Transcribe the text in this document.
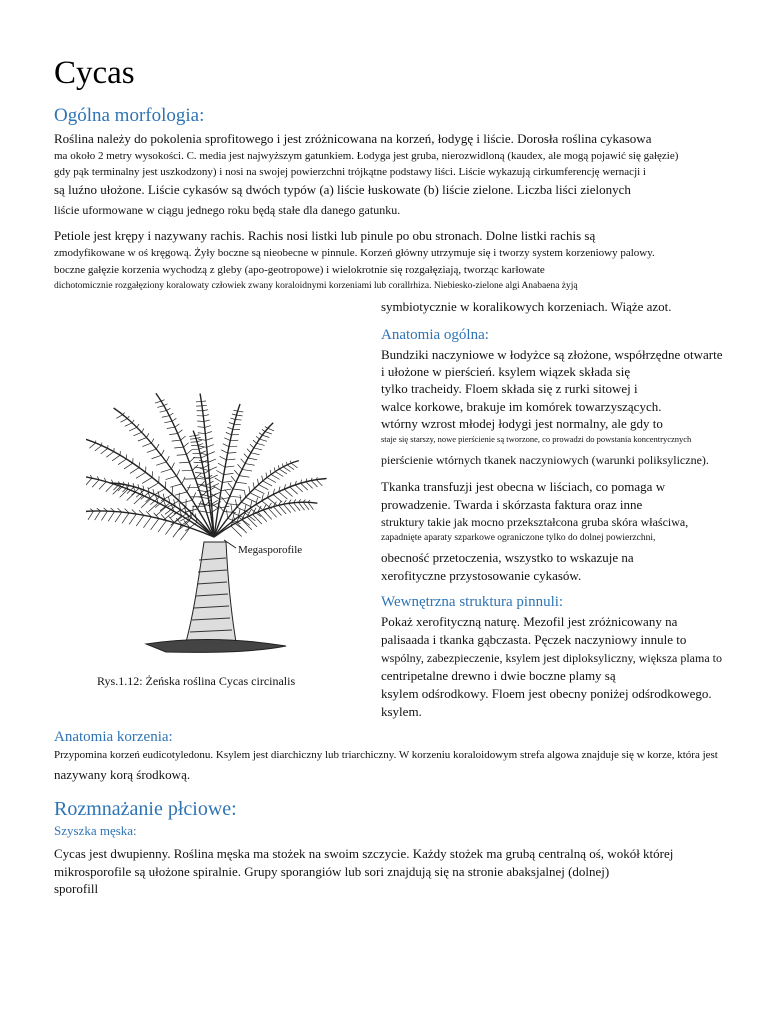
Cycas
Ogólna morfologia:
Roślina należy do pokolenia sprofitowego i jest zróżnicowana na korzeń, łodygę i liście. Dorosła roślina cykasowa
ma około 2 metry wysokości. C. media jest najwyższym gatunkiem. Łodyga jest gruba, nierozwidloną (kaudex, ale mogą pojawić się gałęzie)
gdy pąk terminalny jest uszkodzony) i nosi na swojej powierzchni trójkątne podstawy liści. Liście wykazują cirkumferencję wernacji i
są luźno ułożone. Liście cykasów są dwóch typów (a) liście łuskowate (b) liście zielone. Liczba liści zielonych
liście uformowane w ciągu jednego roku będą stałe dla danego gatunku.
Petiole jest krępy i nazywany rachis. Rachis nosi listki lub pinule po obu stronach. Dolne listki rachis są
zmodyfikowane w oś kręgową. Żyły boczne są nieobecne w pinnule. Korzeń główny utrzymuje się i tworzy system korzeniowy palowy.
boczne gałęzie korzenia wychodzą z gleby (apo-geotropowe) i wielokrotnie się rozgałęziają, tworząc karłowate
dichotomicznie rozgałęziony koralowaty człowiek zwany koraloidnymi korzeniami lub corallrhiza. Niebiesko-zielone algi Anabaena żyją
symbiotycznie w koralikowych korzeniach. Wiąże azot.
Megasporofile
Rys.1.12: Żeńska roślina Cycas circinalis
Anatomia ogólna:
Bundziki naczyniowe w łodyżce są złożone, współrzędne otwarte
i ułożone w pierścień. ksylem wiązek składa się
tylko tracheidy. Floem składa się z rurki sitowej i
walce korkowe, brakuje im komórek towarzyszących.
wtórny wzrost młodej łodygi jest normalny, ale gdy to
staje się starszy, nowe pierścienie są tworzone, co prowadzi do powstania koncentrycznych
pierścienie wtórnych tkanek naczyniowych (warunki poliksyliczne).
Tkanka transfuzji jest obecna w liściach, co pomaga w
prowadzenie. Twarda i skórzasta faktura oraz inne
struktury takie jak mocno przekształcona gruba skóra właściwa,
zapadnięte aparaty szparkowe ograniczone tylko do dolnej powierzchni,
obecność przetoczenia, wszystko to wskazuje na
xerofityczne przystosowanie cykasów.
Wewnętrzna struktura pinnuli:
Pokaż xerofityczną naturę. Mezofil jest zróżnicowany na
palisaada i tkanka gąbczasta. Pęczek naczyniowy innule to
wspólny, zabezpieczenie, ksylem jest diploksyliczny, większa plama to
centripetalne drewno i dwie boczne plamy są
ksylem odśrodkowy. Floem jest obecny poniżej odśrodkowego.
ksylem.
Anatomia korzenia:
Przypomina korzeń eudicotyledonu. Ksylem jest diarchiczny lub triarchiczny. W korzeniu koraloidowym strefa algowa znajduje się w korze, która jest
nazywany korą środkową.
Rozmnażanie płciowe:
Szyszka męska:
Cycas jest dwupienny. Roślina męska ma stożek na swoim szczycie. Każdy stożek ma grubą centralną oś, wokół której
mikrosporofile są ułożone spiralnie. Grupy sporangiów lub sori znajdują się na stronie abaksjalnej (dolnej)
sporofill
